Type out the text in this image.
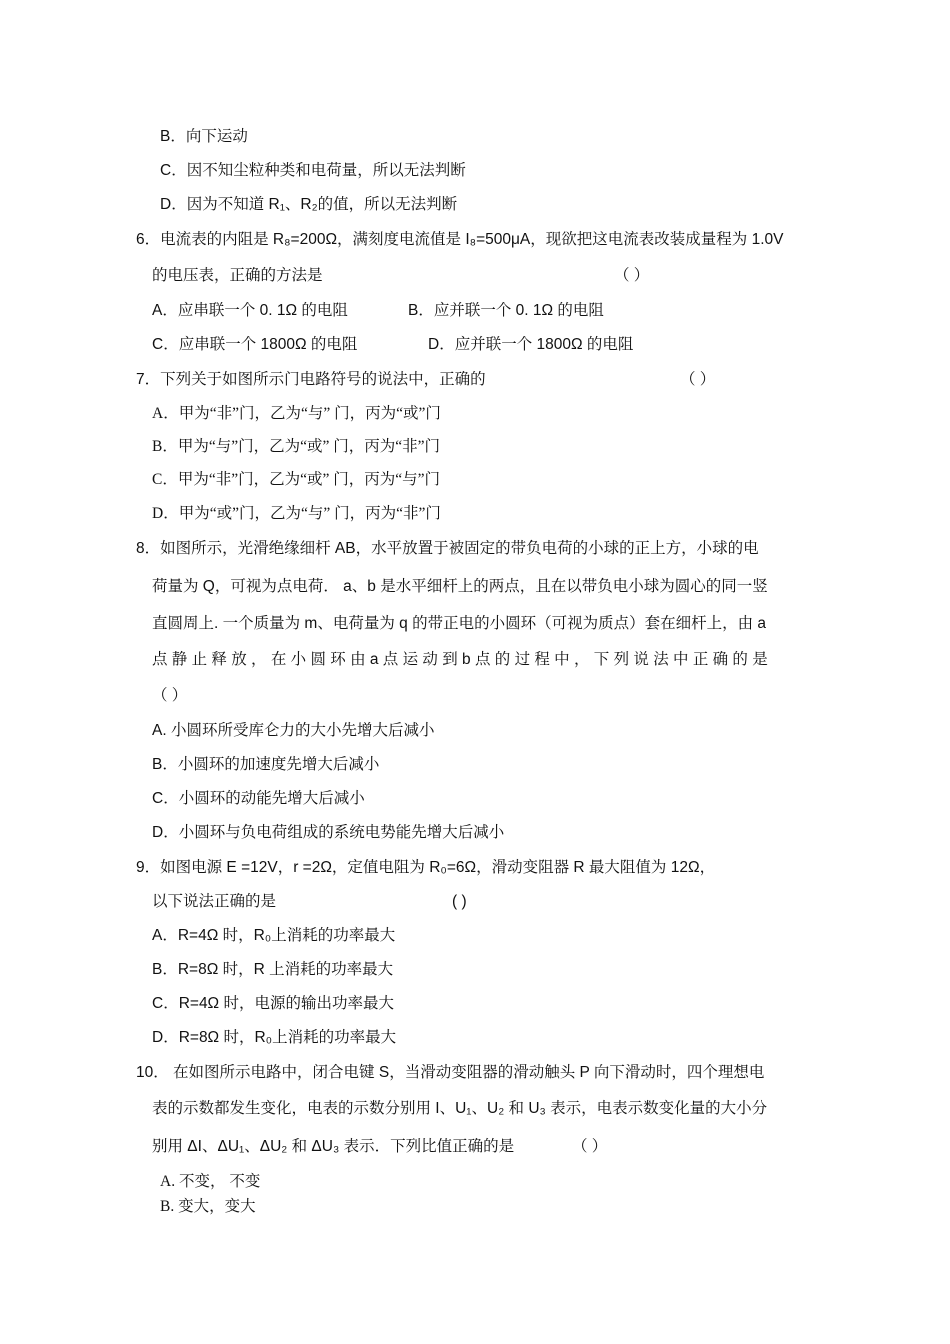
B．向下运动
C．因不知尘粒种类和电荷量，所以无法判断
D．因为不知道 R₁、R₂的值，所以无法判断
6．电流表的内阻是 R₈=200Ω，满刻度电流值是 I₈=500μA，现欲把这电流表改装成量程为 1.0V
的电压表，正确的方法是	（ ）
A．应串联一个 0. 1Ω 的电阻	B．应并联一个 0. 1Ω 的电阻
C．应串联一个 1800Ω 的电阻	D．应并联一个 1800Ω 的电阻
7．下列关于如图所示门电路符号的说法中，正确的	（ ）
A．甲为“非”门，乙为“与” 门，丙为“或”门
B．甲为“与”门，乙为“或” 门，丙为“非”门
C．甲为“非”门，乙为“或” 门，丙为“与”门
D．甲为“或”门，乙为“与” 门，丙为“非”门
8．如图所示，光滑绝缘细杆 AB，水平放置于被固定的带负电荷的小球的正上方，小球的电
荷量为 Q，可视为点电荷． a、b 是水平细杆上的两点，且在以带负电小球为圆心的同一竖
直圆周上. 一个质量为 m、电荷量为 q 的带正电的小圆环（可视为质点）套在细杆上，由 a
点 静 止 释 放 ， 在 小 圆 环 由 a 点 运 动 到 b 点 的 过 程 中 ， 下 列 说 法 中 正 确 的 是
（ ）
A. 小圆环所受库仑力的大小先增大后减小
B．小圆环的加速度先增大后减小
C．小圆环的动能先增大后减小
D．小圆环与负电荷组成的系统电势能先增大后减小
9．如图电源 E =12V，r =2Ω，定值电阻为 R₀=6Ω，滑动变阻器 R 最大阻值为 12Ω，
以下说法正确的是	( )
A．R=4Ω 时，R₀上消耗的功率最大
B．R=8Ω 时，R 上消耗的功率最大
C．R=4Ω 时，电源的输出功率最大
D．R=8Ω 时，R₀上消耗的功率最大
10． 在如图所示电路中，闭合电键 S，当滑动变阻器的滑动触头 P 向下滑动时，四个理想电
表的示数都发生变化，电表的示数分别用 I、U₁、U₂ 和 U₃ 表示，电表示数变化量的大小分
别用 ΔI、ΔU₁、ΔU₂ 和 ΔU₃ 表示．下列比值正确的是	（ ）
A. 不变， 不变
B. 变大，变大
